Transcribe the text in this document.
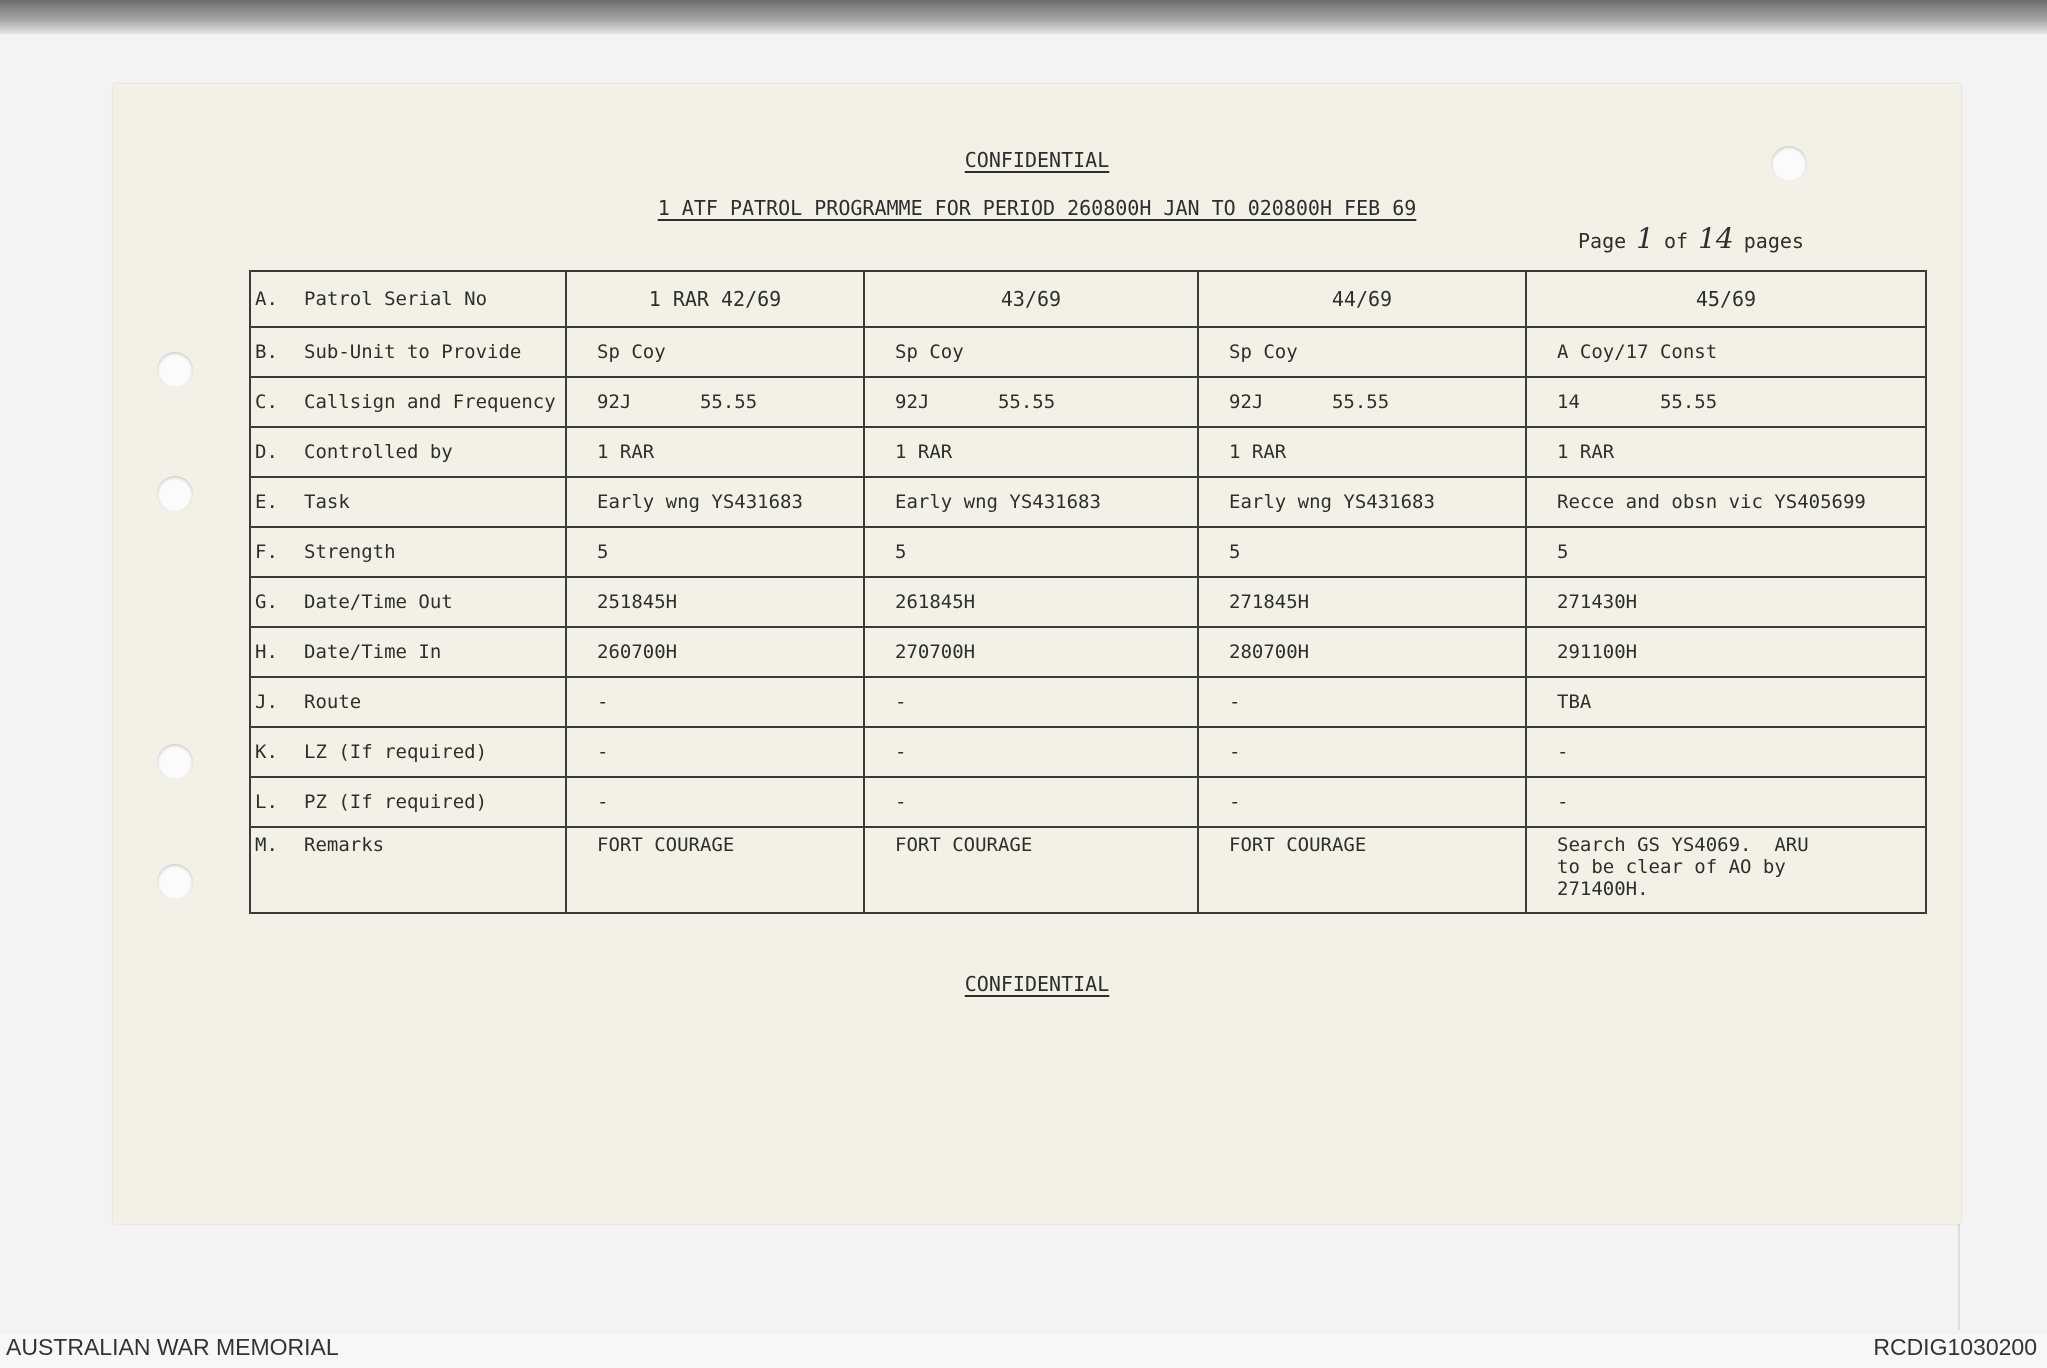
CONFIDENTIAL
1 ATF PATROL PROGRAMME FOR PERIOD 260800H JAN TO 020800H FEB 69
Page 1 of 14 pages
A.	Patrol Serial No	1 RAR 42/69	43/69	44/69	45/69
B.	Sub-Unit to Provide	Sp Coy	Sp Coy	Sp Coy	A Coy/17 Const
C.	Callsign and Frequency	92J      55.55	92J      55.55	92J      55.55	14       55.55
D.	Controlled by	1 RAR	1 RAR	1 RAR	1 RAR
E.	Task	Early wng YS431683	Early wng YS431683	Early wng YS431683	Recce and obsn vic YS405699
F.	Strength	5	5	5	5
G.	Date/Time Out	251845H	261845H	271845H	271430H
H.	Date/Time In	260700H	270700H	280700H	291100H
J.	Route	-	-	-	TBA
K.	LZ (If required)	-	-	-	-
L.	PZ (If required)	-	-	-	-
M.	Remarks	FORT COURAGE	FORT COURAGE	FORT COURAGE	Search GS YS4069.  ARU
to be clear of AO by
271400H.
CONFIDENTIAL
AUSTRALIAN WAR MEMORIAL	RCDIG1030200
